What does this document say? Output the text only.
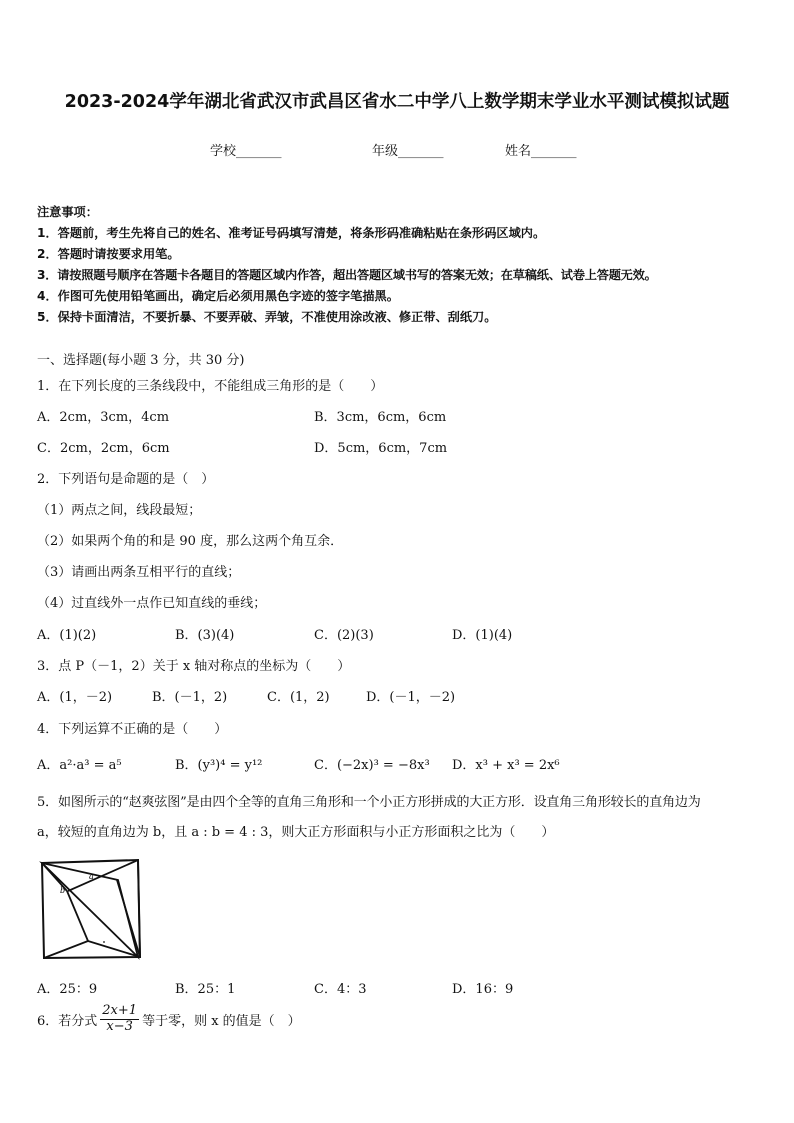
2023-2024学年湖北省武汉市武昌区省水二中学八上数学期末学业水平测试模拟试题
学校_______	年级_______	姓名_______
注意事项：
1．答题前，考生先将自己的姓名、准考证号码填写清楚，将条形码准确粘贴在条形码区域内。
2．答题时请按要求用笔。
3．请按照题号顺序在答题卡各题目的答题区域内作答，超出答题区域书写的答案无效；在草稿纸、试卷上答题无效。
4．作图可先使用铅笔画出，确定后必须用黑色字迹的签字笔描黑。
5．保持卡面清洁，不要折暴、不要弄破、弄皱，不准使用涂改液、修正带、刮纸刀。
一、选择题(每小题 3 分，共 30 分)
1．在下列长度的三条线段中，不能组成三角形的是（　　）
A．2cm，3cm，4cm	B．3cm，6cm，6cm
C．2cm，2cm，6cm	D．5cm，6cm，7cm
2．下列语句是命题的是（　）
（1）两点之间，线段最短；
（2）如果两个角的和是 90 度，那么这两个角互余．
（3）请画出两条互相平行的直线；
（4）过直线外一点作已知直线的垂线；
A．(1)(2)	B．(3)(4)	C．(2)(3)	D．(1)(4)
3．点 P（－1，2）关于 x 轴对称点的坐标为（　　）
A．(1，－2)	B．(－1，2)	C．(1，2)	D．(－1，－2)
4．下列运算不正确的是（　　）
A．a²·a³ = a⁵	B．(y³)⁴ = y¹²	C．(−2x)³ = −8x³ D．x³ + x³ = 2x⁶
5．如图所示的“赵爽弦图”是由四个全等的直角三角形和一个小正方形拼成的大正方形．设直角三角形较长的直角边为
a，较短的直角边为 b，且 a : b = 4 : 3，则大正方形面积与小正方形面积之比为（　　）
a
b
A．25：9	B．25：1	C．4：3	D．16：9
6．若分式 $\frac{2x+1}{x-3}$ 等于零，则 x 的值是（　）
